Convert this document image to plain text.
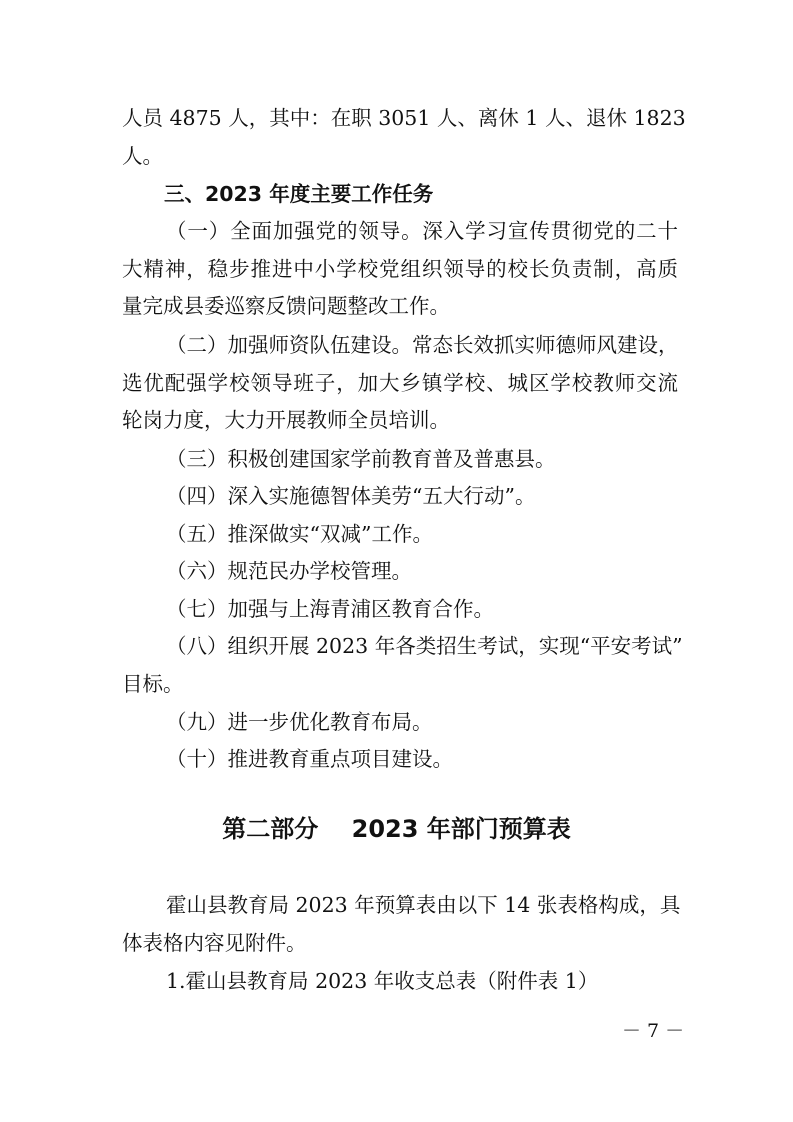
人员 4875 人，其中：在职 3051 人、离休 1 人、退休 1823
人。
三、2023 年度主要工作任务
（一）全面加强党的领导。深入学习宣传贯彻党的二十
大精神，稳步推进中小学校党组织领导的校长负责制，高质
量完成县委巡察反馈问题整改工作。
（二）加强师资队伍建设。常态长效抓实师德师风建设，
选优配强学校领导班子，加大乡镇学校、城区学校教师交流
轮岗力度，大力开展教师全员培训。
（三）积极创建国家学前教育普及普惠县。
（四）深入实施德智体美劳“五大行动”。
（五）推深做实“双减”工作。
（六）规范民办学校管理。
（七）加强与上海青浦区教育合作。
（八）组织开展 2023 年各类招生考试，实现“平安考试”
目标。
（九）进一步优化教育布局。
（十）推进教育重点项目建设。
第二部分    2023 年部门预算表
霍山县教育局 2023 年预算表由以下 14 张表格构成，具
体表格内容见附件。
1.霍山县教育局 2023 年收支总表（附件表 1）
－ 7 －
